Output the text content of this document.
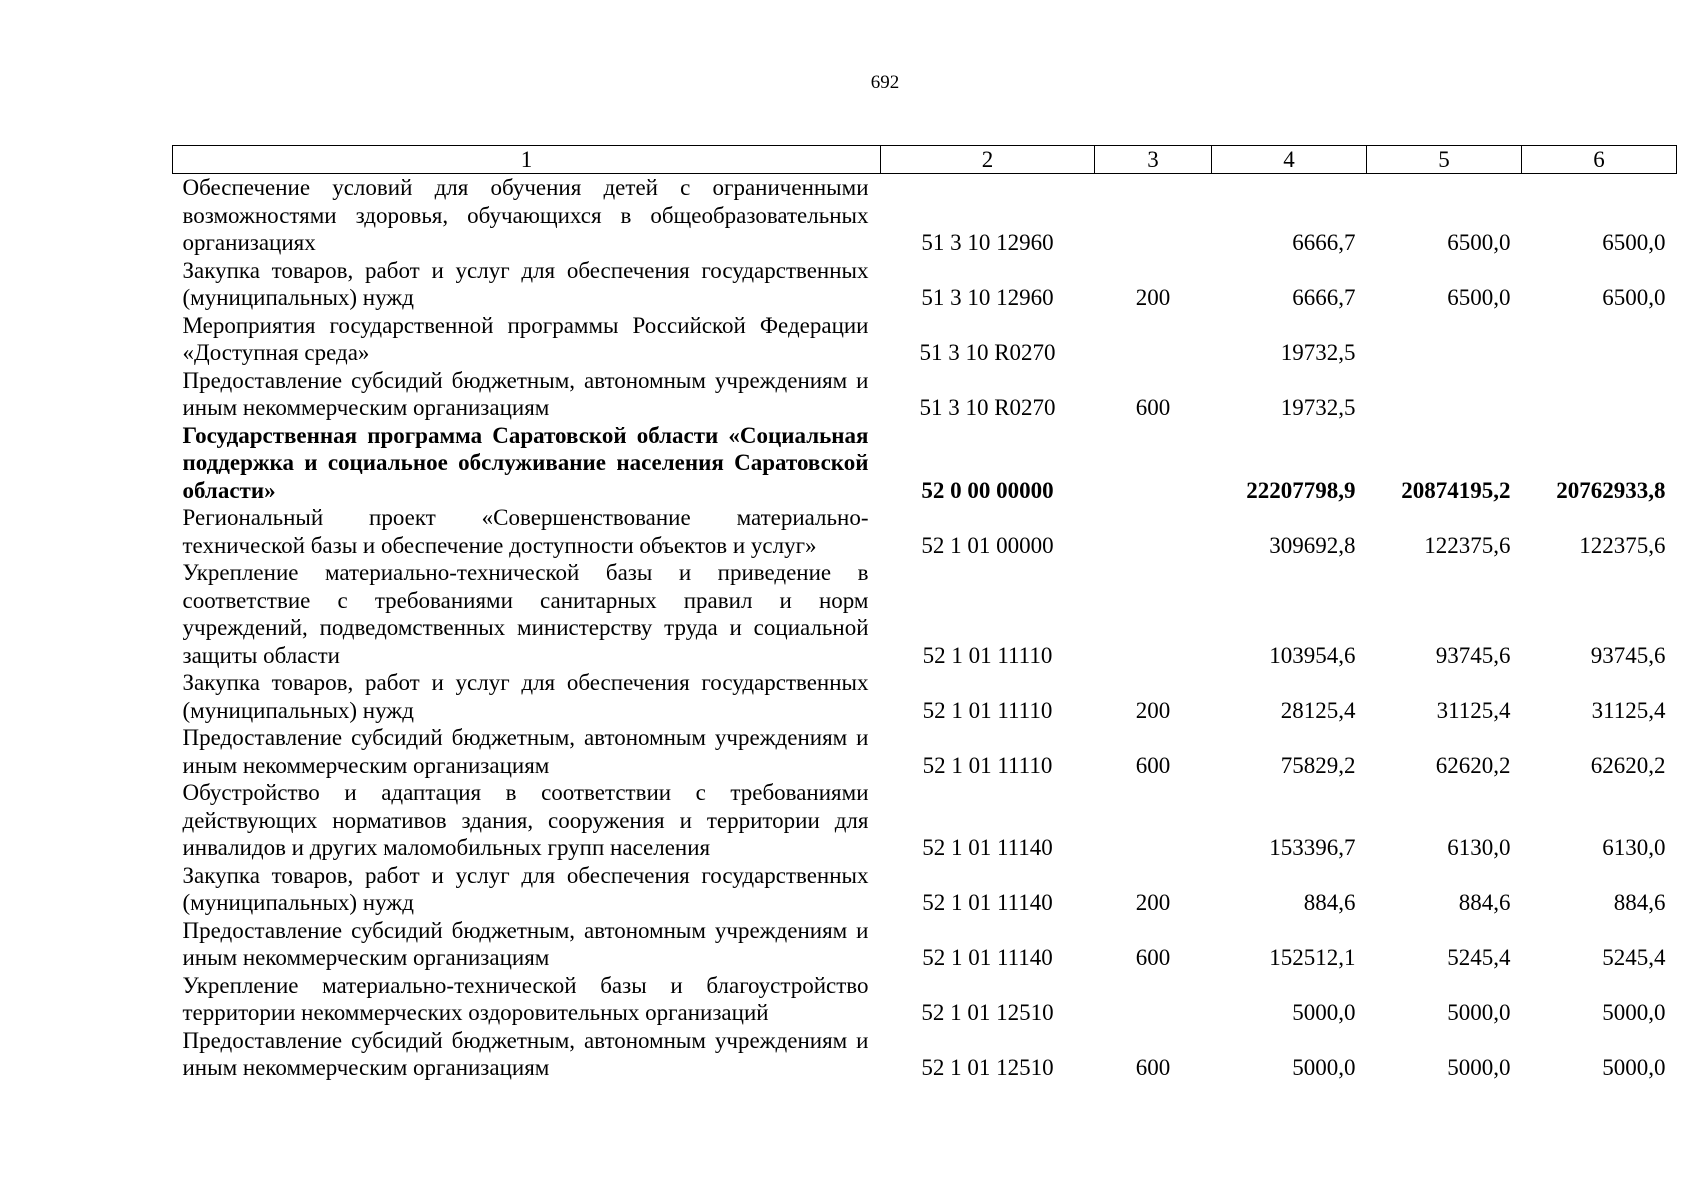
692
1	2	3	4	5	6
Обеспечение условий для обучения детей с ограниченными возможностями здоровья, обучающихся в общеобразовательных организациях	51 3 10 12960		6666,7	6500,0	6500,0
Закупка товаров, работ и услуг для обеспечения государственных (муниципальных) нужд	51 3 10 12960	200	6666,7	6500,0	6500,0
Мероприятия государственной программы Российской Федерации «Доступная среда»	51 3 10 R0270		19732,5		
Предоставление субсидий бюджетным, автономным учреждениям и иным некоммерческим организациям	51 3 10 R0270	600	19732,5		
Государственная программа Саратовской области «Социальная поддержка и социальное обслуживание населения Саратовской области»	52 0 00 00000		22207798,9	20874195,2	20762933,8
Региональный проект «Совершенствование материально-технической базы и обеспечение доступности объектов и услуг»	52 1 01 00000		309692,8	122375,6	122375,6
Укрепление материально-технической базы и приведение в соответствие с требованиями санитарных правил и норм учреждений, подведомственных министерству труда и социальной защиты области	52 1 01 11110		103954,6	93745,6	93745,6
Закупка товаров, работ и услуг для обеспечения государственных (муниципальных) нужд	52 1 01 11110	200	28125,4	31125,4	31125,4
Предоставление субсидий бюджетным, автономным учреждениям и иным некоммерческим организациям	52 1 01 11110	600	75829,2	62620,2	62620,2
Обустройство и адаптация в соответствии с требованиями действующих нормативов здания, сооружения и территории для инвалидов и других маломобильных групп населения	52 1 01 11140		153396,7	6130,0	6130,0
Закупка товаров, работ и услуг для обеспечения государственных (муниципальных) нужд	52 1 01 11140	200	884,6	884,6	884,6
Предоставление субсидий бюджетным, автономным учреждениям и иным некоммерческим организациям	52 1 01 11140	600	152512,1	5245,4	5245,4
Укрепление материально-технической базы и благоустройство территории некоммерческих оздоровительных организаций	52 1 01 12510		5000,0	5000,0	5000,0
Предоставление субсидий бюджетным, автономным учреждениям и иным некоммерческим организациям	52 1 01 12510	600	5000,0	5000,0	5000,0
